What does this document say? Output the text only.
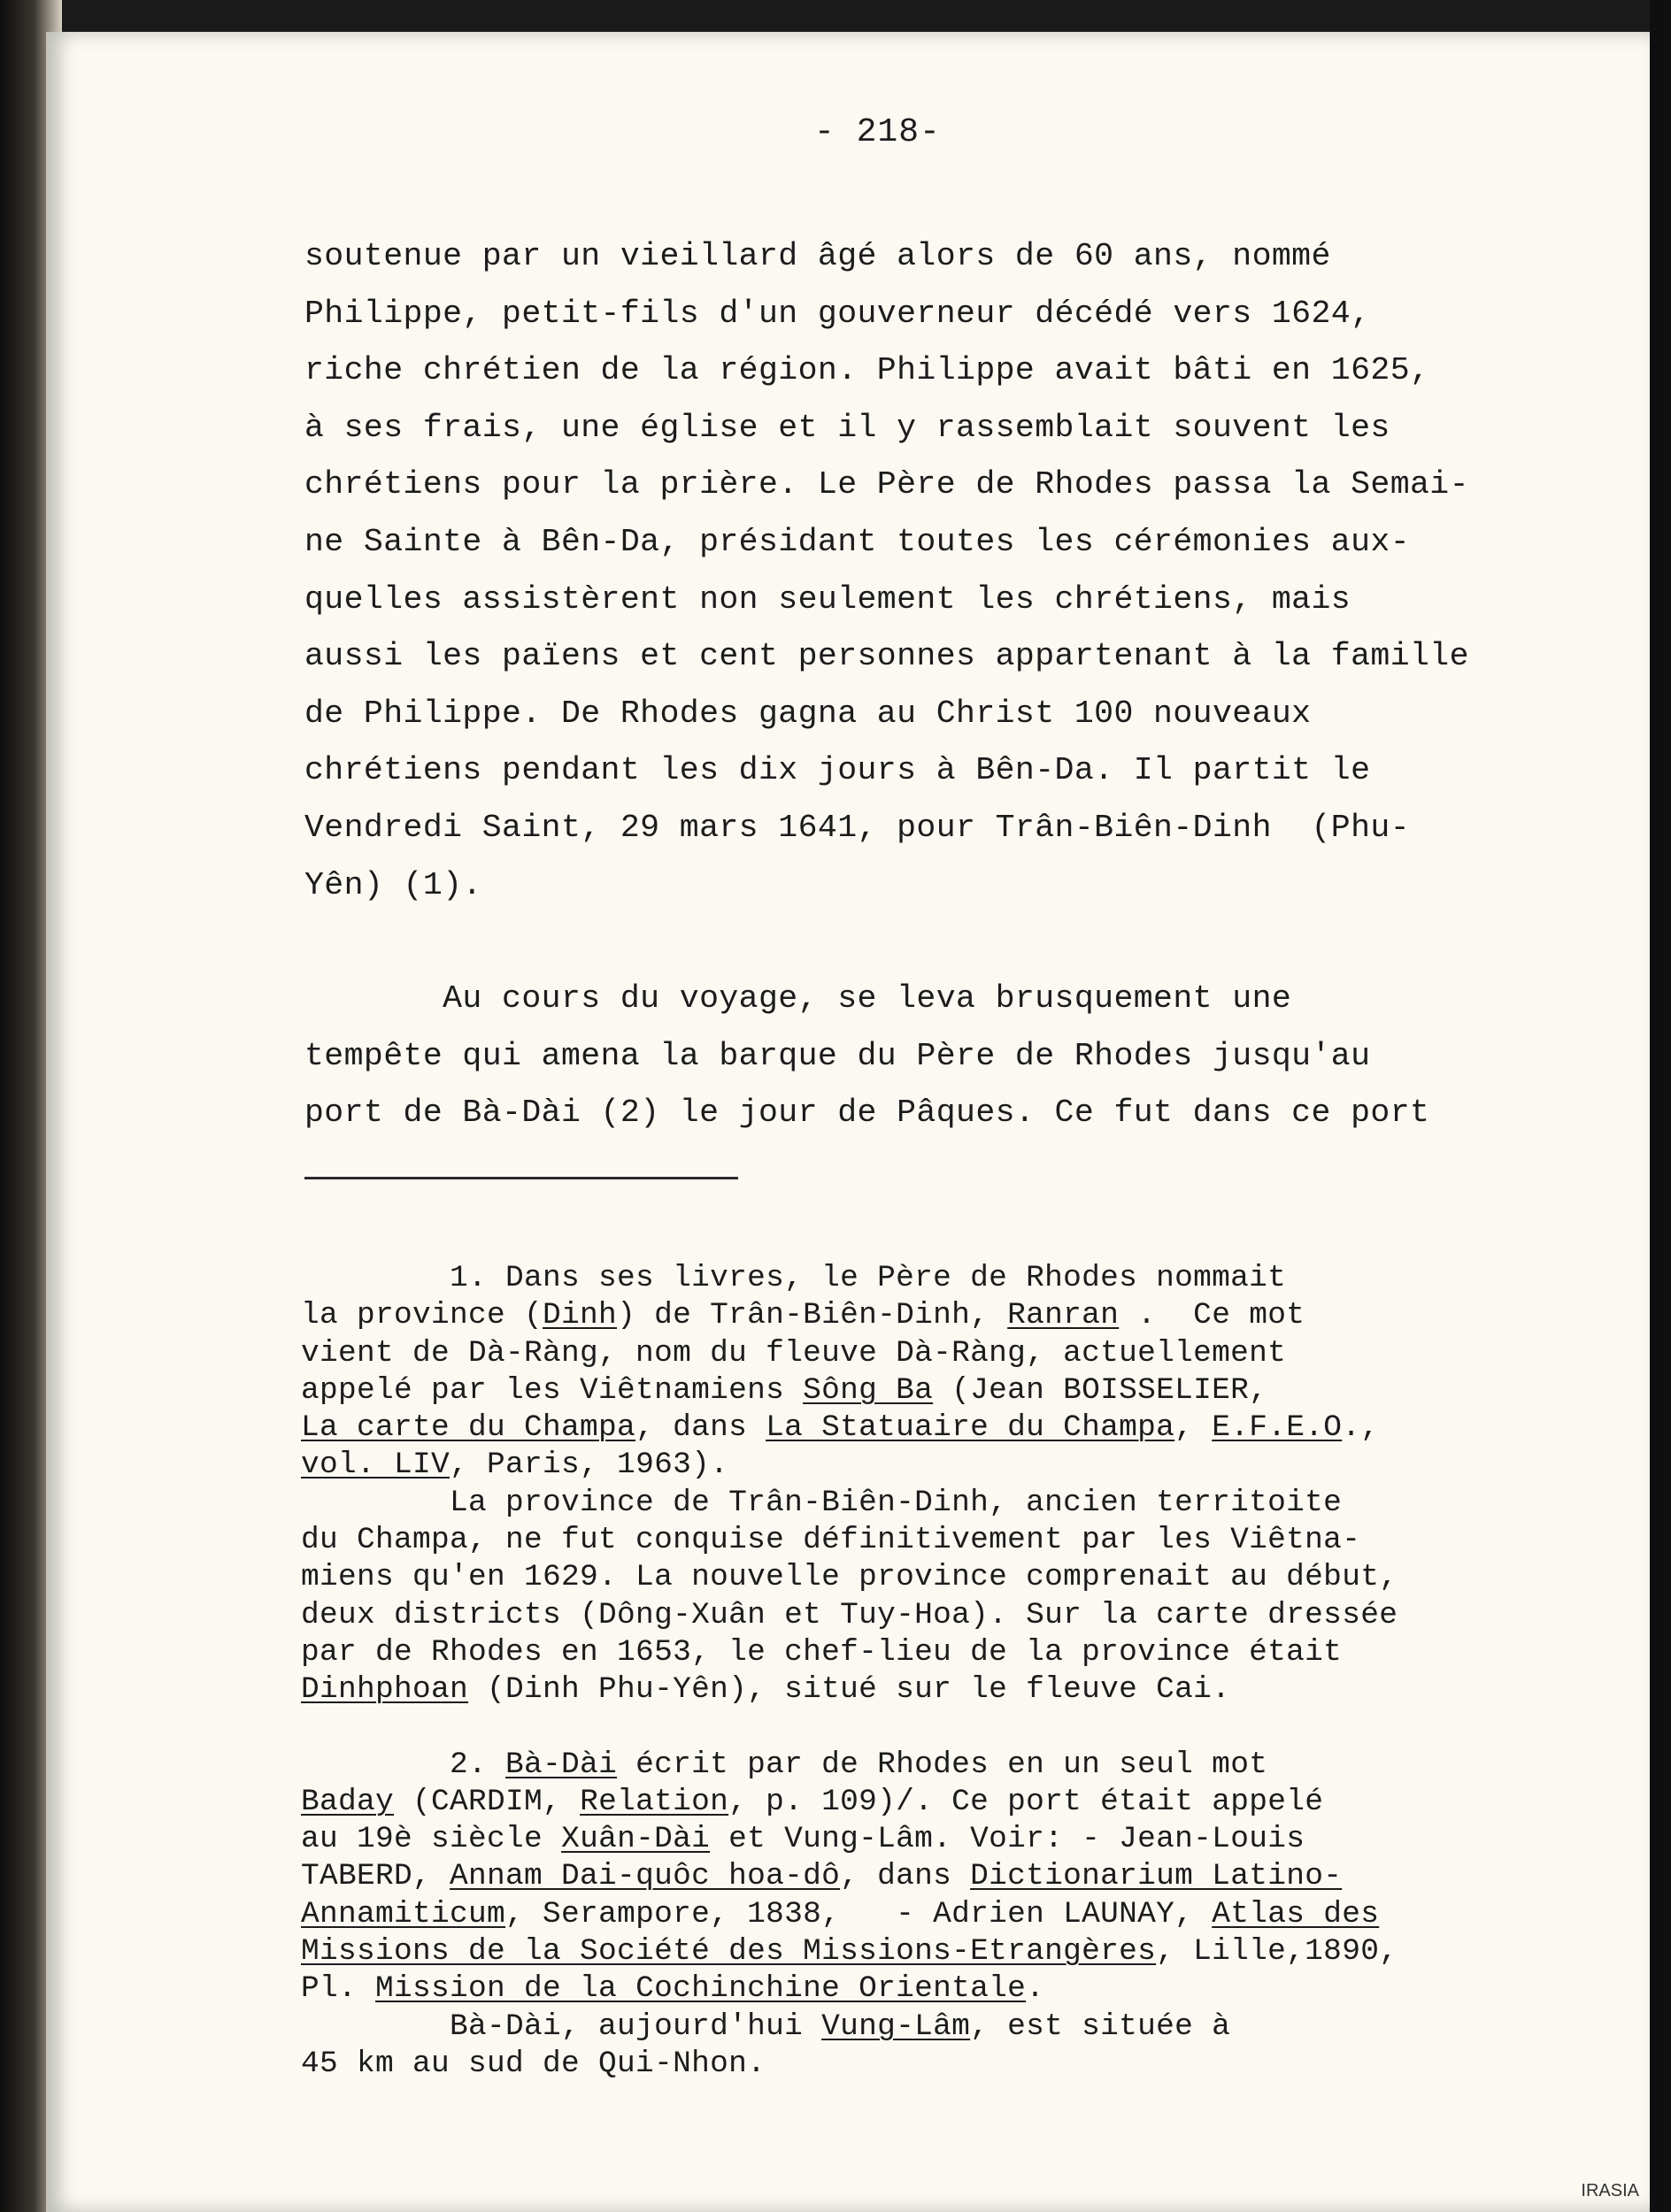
- 218-
soutenue par un vieillard âgé alors de 60 ans, nommé
Philippe, petit-fils d'un gouverneur décédé vers 1624,
riche chrétien de la région. Philippe avait bâti en 1625,
à ses frais, une église et il y rassemblait souvent les
chrétiens pour la prière. Le Père de Rhodes passa la Semai-
ne Sainte à Bên-Da, présidant toutes les cérémonies aux-
quelles assistèrent non seulement les chrétiens, mais
aussi les païens et cent personnes appartenant à la famille
de Philippe. De Rhodes gagna au Christ 100 nouveaux
chrétiens pendant les dix jours à Bên-Da. Il partit le
Vendredi Saint, 29 mars 1641, pour Trân-Biên-Dinh  (Phu-
Yên) (1).
Au cours du voyage, se leva brusquement une
tempête qui amena la barque du Père de Rhodes jusqu'au
port de Bà-Dài (2) le jour de Pâques. Ce fut dans ce port
1. Dans ses livres, le Père de Rhodes nommait
la province (Dinh) de Trân-Biên-Dinh, Ranran .  Ce mot
vient de Dà-Ràng, nom du fleuve Dà-Ràng, actuellement
appelé par les Viêtnamiens Sông Ba (Jean BOISSELIER,
La carte du Champa, dans La Statuaire du Champa, E.F.E.O.,
vol. LIV, Paris, 1963).
La province de Trân-Biên-Dinh, ancien territoite
du Champa, ne fut conquise définitivement par les Viêtna-
miens qu'en 1629. La nouvelle province comprenait au début,
deux districts (Dông-Xuân et Tuy-Hoa). Sur la carte dressée
par de Rhodes en 1653, le chef-lieu de la province était
Dinhphoan (Dinh Phu-Yên), situé sur le fleuve Cai.
2. Bà-Dài écrit par de Rhodes en un seul mot
Baday (CARDIM, Relation, p. 109)/. Ce port était appelé
au 19è siècle Xuân-Dài et Vung-Lâm. Voir: - Jean-Louis
TABERD, Annam Dai-quôc hoa-dô, dans Dictionarium Latino-
Annamiticum, Serampore, 1838,   - Adrien LAUNAY, Atlas des
Missions de la Société des Missions-Etrangères, Lille,1890,
Pl. Mission de la Cochinchine Orientale.
Bà-Dài, aujourd'hui Vung-Lâm, est située à
45 km au sud de Qui-Nhon.
IRASIA
